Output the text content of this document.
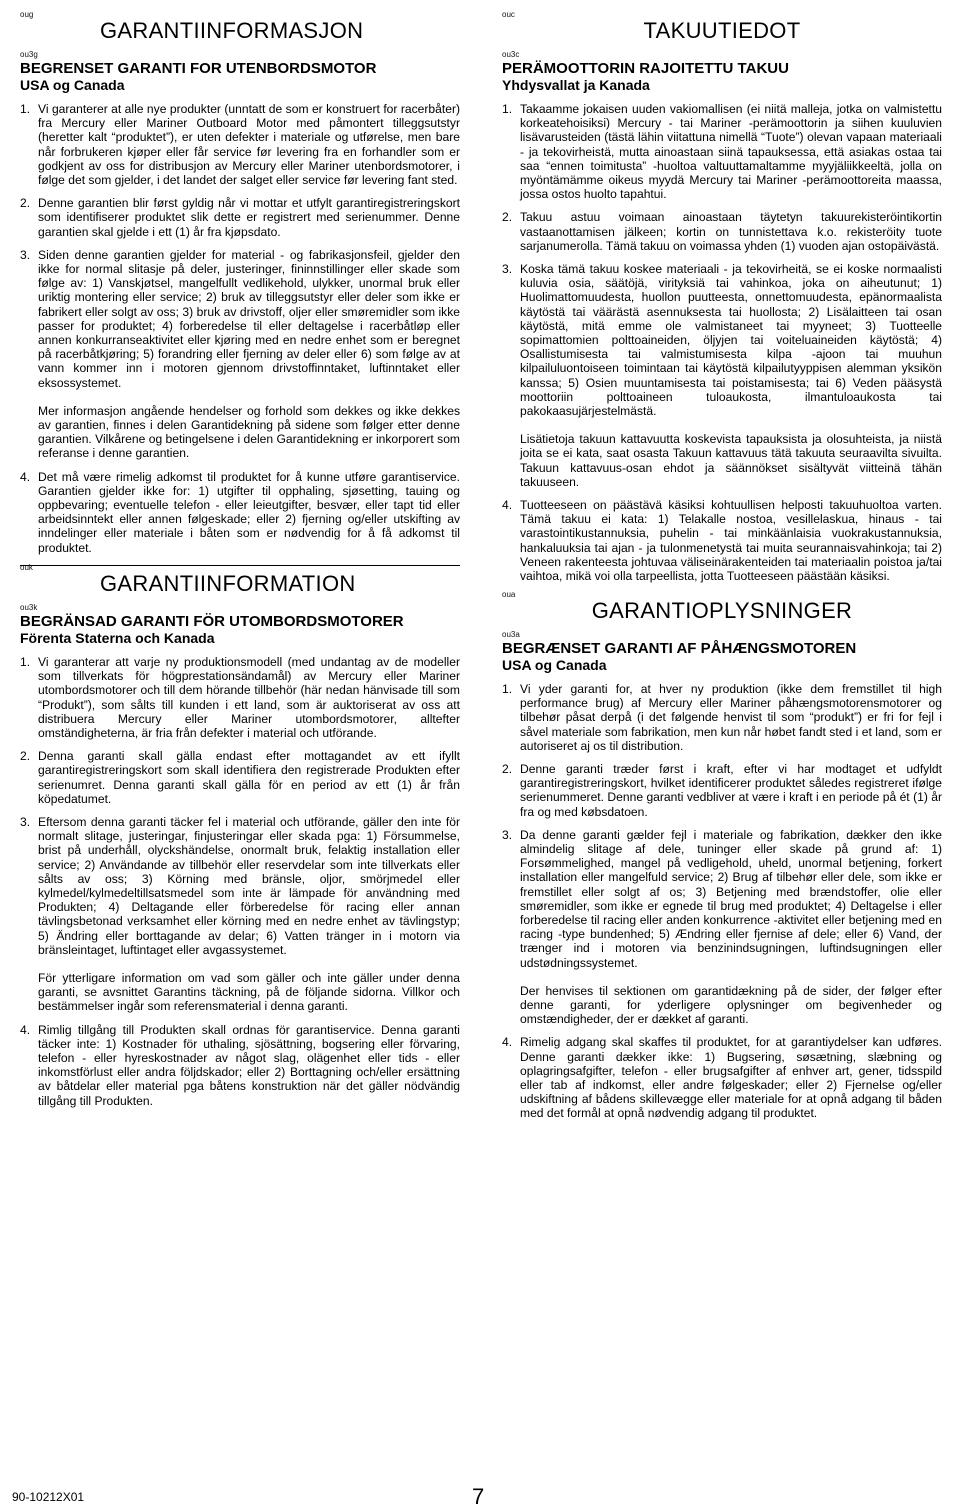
oug
GARANTIINFORMASJON
ou3g
BEGRENSET GARANTI FOR UTENBORDSMOTOR
USA og Canada
1. Vi garanterer at alle nye produkter (unntatt de som er konstruert for racerbåter) fra Mercury eller Mariner Outboard Motor med påmontert tilleggsutstyr (heretter kalt “produktet”), er uten defekter i materiale og utførelse, men bare når forbrukeren kjøper eller får service før levering fra en forhandler som er godkjent av oss for distribusjon av Mercury eller Mariner utenbordsmotorer, i følge det som gjelder, i det landet der salget eller service før levering fant sted.

2. Denne garantien blir først gyldig når vi mottar et utfylt garantiregistreringskort som identifiserer produktet slik dette er registrert med serienummer. Denne garantien skal gjelde i ett (1) år fra kjøpsdato.

3. Siden denne garantien gjelder for material - og fabrikasjonsfeil, gjelder den ikke for normal slitasje på deler, justeringer, fininnstillinger eller skade som følge av: 1) Vanskjøtsel, mangelfullt vedlikehold, ulykker, unormal bruk eller uriktig montering eller service; 2) bruk av tilleggsutstyr eller deler som ikke er fabrikert eller solgt av oss; 3) bruk av drivstoff, oljer eller smøremidler som ikke passer for produktet; 4) forberedelse til eller deltagelse i racerbåtløp eller annen konkurranseaktivitet eller kjøring med en nedre enhet som er beregnet på racerbåtkjøring; 5) forandring eller fjerning av deler eller 6) som følge av at vann kommer inn i motoren gjennom drivstoffinntaket, luftinntaket eller eksossystemet.

Mer informasjon angående hendelser og forhold som dekkes og ikke dekkes av garantien, finnes i delen Garantidekning på sidene som følger etter denne garantien. Vilkårene og betingelsene i delen Garantidekning er inkorporert som referanse i denne garantien.

4. Det må være rimelig adkomst til produktet for å kunne utføre garantiservice. Garantien gjelder ikke for: 1) utgifter til opphaling, sjøsetting, tauing og oppbevaring; eventuelle telefon - eller leieutgifter, besvær, eller tapt tid eller arbeidsinntekt eller annen følgeskade; eller 2) fjerning og/eller utskifting av inndelinger eller materiale i båten som er nødvendig for å få adkomst til produktet.

ouk
GARANTIINFORMATION
ou3k
BEGRÄNSAD GARANTI FÖR UTOMBORDSMOTORER
Förenta Staterna och Kanada
1. Vi garanterar att varje ny produktionsmodell (med undantag av de modeller som tillverkats för högprestationsändamål) av Mercury eller Mariner utombordsmotorer och till dem hörande tillbehör (här nedan hänvisade till som “Produkt”), som sålts till kunden i ett land, som är auktoriserat av oss att distribuera Mercury eller Mariner utombordsmotorer, alltefter omständigheterna, är fria från defekter i material och utförande.

2. Denna garanti skall gälla endast efter mottagandet av ett ifyllt garantiregistreringskort som skall identifiera den registrerade Produkten efter serienumret. Denna garanti skall gälla för en period av ett (1) år från köpedatumet.

3. Eftersom denna garanti täcker fel i material och utförande, gäller den inte för normalt slitage, justeringar, finjusteringar eller skada pga: 1) Försummelse, brist på underhåll, olyckshändelse, onormalt bruk, felaktig installation eller service; 2) Användande av tillbehör eller reservdelar som inte tillverkats eller sålts av oss; 3) Körning med bränsle, oljor, smörjmedel eller kylmedel/kylmedeltillsatsmedel som inte är lämpade för användning med Produkten; 4) Deltagande eller förberedelse för racing eller annan tävlingsbetonad verksamhet eller körning med en nedre enhet av tävlingstyp; 5) Ändring eller borttagande av delar; 6) Vatten tränger in i motorn via bränsleintaget, luftintaget eller avgassystemet.

För ytterligare information om vad som gäller och inte gäller under denna garanti, se avsnittet Garantins täckning, på de följande sidorna. Villkor och bestämmelser ingår som referensmaterial i denna garanti.

4. Rimlig tillgång till Produkten skall ordnas för garantiservice. Denna garanti täcker inte: 1) Kostnader för uthaling, sjösättning, bogsering eller förvaring, telefon - eller hyreskostnader av något slag, olägenhet eller tids - eller inkomstförlust eller andra följdskador; eller 2) Borttagning och/eller ersättning av båtdelar eller material pga båtens konstruktion när det gäller nödvändig tillgång till Produkten.

ouc
TAKUUTIEDOT
ou3c
PERÄMOOTTORIN RAJOITETTU TAKUU
Yhdysvallat ja Kanada
1. Takaamme jokaisen uuden vakiomallisen (ei niitä malleja, jotka on valmistettu korkeatehoisiksi) Mercury - tai Mariner -perämoottorin ja siihen kuuluvien lisävarusteiden (tästä lähin viitattuna nimellä “Tuote”) olevan vapaan materiaali - ja tekovirheistä, mutta ainoastaan siinä tapauksessa, että asiakas ostaa tai saa “ennen toimitusta” -huoltoa valtuuttamaltamme myyjäliikkeeltä, jolla on myöntämämme oikeus myydä Mercury tai Mariner -perämoottoreita maassa, jossa ostos huolto tapahtui.

2. Takuu astuu voimaan ainoastaan täytetyn takuurekisteröintikortin vastaanottamisen jälkeen; kortin on tunnistettava k.o. rekisteröity tuote sarjanumerolla. Tämä takuu on voimassa yhden (1) vuoden ajan ostopäivästä.

3. Koska tämä takuu koskee materiaali - ja tekovirheitä, se ei koske normaalisti kuluvia osia, säätöjä, virityksiä tai vahinkoa, joka on aiheutunut; 1) Huolimattomuudesta, huollon puutteesta, onnettomuudesta, epänormaalista käytöstä tai väärästä asennuksesta tai huollosta; 2) Lisälaitteen tai osan käytöstä, mitä emme ole valmistaneet tai myyneet; 3) Tuotteelle sopimattomien polttoaineiden, öljyjen tai voiteluaineiden käytöstä; 4) Osallistumisesta tai valmistumisesta kilpa -ajoon tai muuhun kilpailuluontoiseen toimintaan tai käytöstä kilpailutyyppisen alemman yksikön kanssa; 5) Osien muuntamisesta tai poistamisesta; tai 6) Veden pääsystä moottoriin polttoaineen tuloaukosta, ilmantuloaukosta tai pakokaasujärjestelmästä.

Lisätietoja takuun kattavuutta koskevista tapauksista ja olosuhteista, ja niistä joita se ei kata, saat osasta Takuun kattavuus tätä takuuta seuraavilta sivuilta. Takuun kattavuus-osan ehdot ja säännökset sisältyvät viitteinä tähän takuuseen.

4. Tuotteeseen on päästävä käsiksi kohtuullisen helposti takuuhuoltoa varten. Tämä takuu ei kata: 1) Telakalle nostoa, vesillelaskua, hinaus - tai varastointikustannuksia, puhelin - tai minkäänlaisia vuokrakustannuksia, hankaluuksia tai ajan - ja tulonmenetystä tai muita seurannaisvahinkoja; tai 2) Veneen rakenteesta johtuvaa väliseinärakenteiden tai materiaalin poistoa ja/tai vaihtoa, mikä voi olla tarpeellista, jotta Tuotteeseen päästään käsiksi.

oua
GARANTIOPLYSNINGER
ou3a
BEGRÆNSET GARANTI AF PÅHÆNGSMOTOREN
USA og Canada
1. Vi yder garanti for, at hver ny produktion (ikke dem fremstillet til high performance brug) af Mercury eller Mariner påhængsmotorensmotorer og tilbehør påsat derpå (i det følgende henvist til som “produkt”) er fri for fejl i såvel materiale som fabrikation, men kun når høbet fandt sted i et land, som er autoriseret aj os til distribution.

2. Denne garanti træder først i kraft, efter vi har modtaget et udfyldt garantiregistreringskort, hvilket identificerer produktet således registreret ifølge serienummeret. Denne garanti vedbliver at være i kraft i en periode på ét (1) år fra og med købsdatoen.

3. Da denne garanti gælder fejl i materiale og fabrikation, dækker den ikke almindelig slitage af dele, tuninger eller skade på grund af: 1) Forsømmelighed, mangel på vedligehold, uheld, unormal betjening, forkert installation eller mangelfuld service; 2) Brug af tilbehør eller dele, som ikke er fremstillet eller solgt af os; 3) Betjening med brændstoffer, olie eller smøremidler, som ikke er egnede til brug med produktet; 4) Deltagelse i eller forberedelse til racing eller anden konkurrence -aktivitet eller betjening med en racing -type bundenhed; 5) Ændring eller fjernise af dele; eller 6) Vand, der trænger ind i motoren via benzinindsugningen, luftindsugningen eller udstødningssystemet.

Der henvises til sektionen om garantidækning på de sider, der følger efter denne garanti, for yderligere oplysninger om begivenheder og omstændigheder, der er dækket af garanti.

4. Rimelig adgang skal skaffes til produktet, for at garantiydelser kan udføres. Denne garanti dækker ikke: 1) Bugsering, søsætning, slæbning og oplagringsafgifter, telefon - eller brugsafgifter af enhver art, gener, tidsspild eller tab af indkomst, eller andre følgeskader; eller 2) Fjernelse og/eller udskiftning af bådens skillevægge eller materiale for at opnå adgang til båden med det formål at opnå nødvendig adgang til produktet.

90-10212X01	7
